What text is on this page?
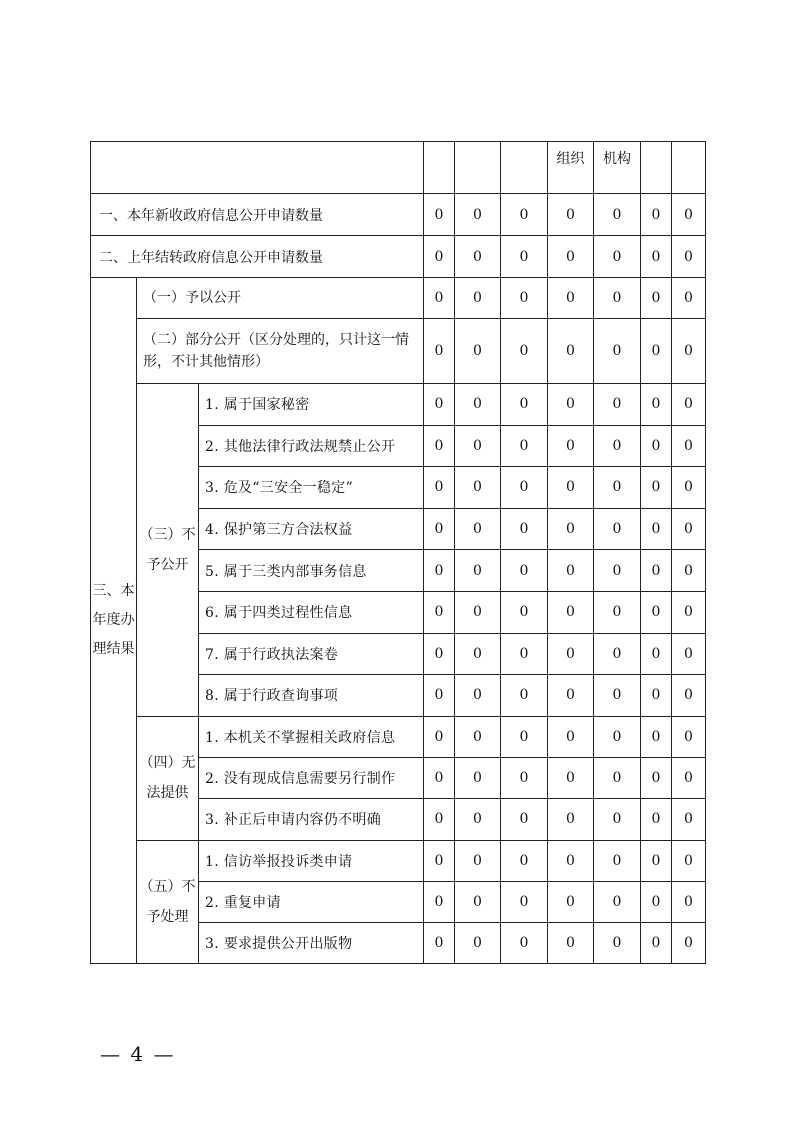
						组织	机构		
一、本年新收政府信息公开申请数量			0	0	0	0	0	0	0
二、上年结转政府信息公开申请数量			0	0	0	0	0	0	0
三、本年度办理结果	（一）予以公开		0	0	0	0	0	0	0
	（二）部分公开（区分处理的，只计这一情形，不计其他情形）		0	0	0	0	0	0	0
	（三）不予公开	1. 属于国家秘密	0	0	0	0	0	0	0
		2. 其他法律行政法规禁止公开	0	0	0	0	0	0	0
		3. 危及“三安全一稳定”	0	0	0	0	0	0	0
		4. 保护第三方合法权益	0	0	0	0	0	0	0
		5. 属于三类内部事务信息	0	0	0	0	0	0	0
		6. 属于四类过程性信息	0	0	0	0	0	0	0
		7. 属于行政执法案卷	0	0	0	0	0	0	0
		8. 属于行政查询事项	0	0	0	0	0	0	0
	（四）无法提供	1. 本机关不掌握相关政府信息	0	0	0	0	0	0	0
		2. 没有现成信息需要另行制作	0	0	0	0	0	0	0
		3. 补正后申请内容仍不明确	0	0	0	0	0	0	0
	（五）不予处理	1. 信访举报投诉类申请	0	0	0	0	0	0	0
		2. 重复申请	0	0	0	0	0	0	0
		3. 要求提供公开出版物	0	0	0	0	0	0	0
— 4 —
